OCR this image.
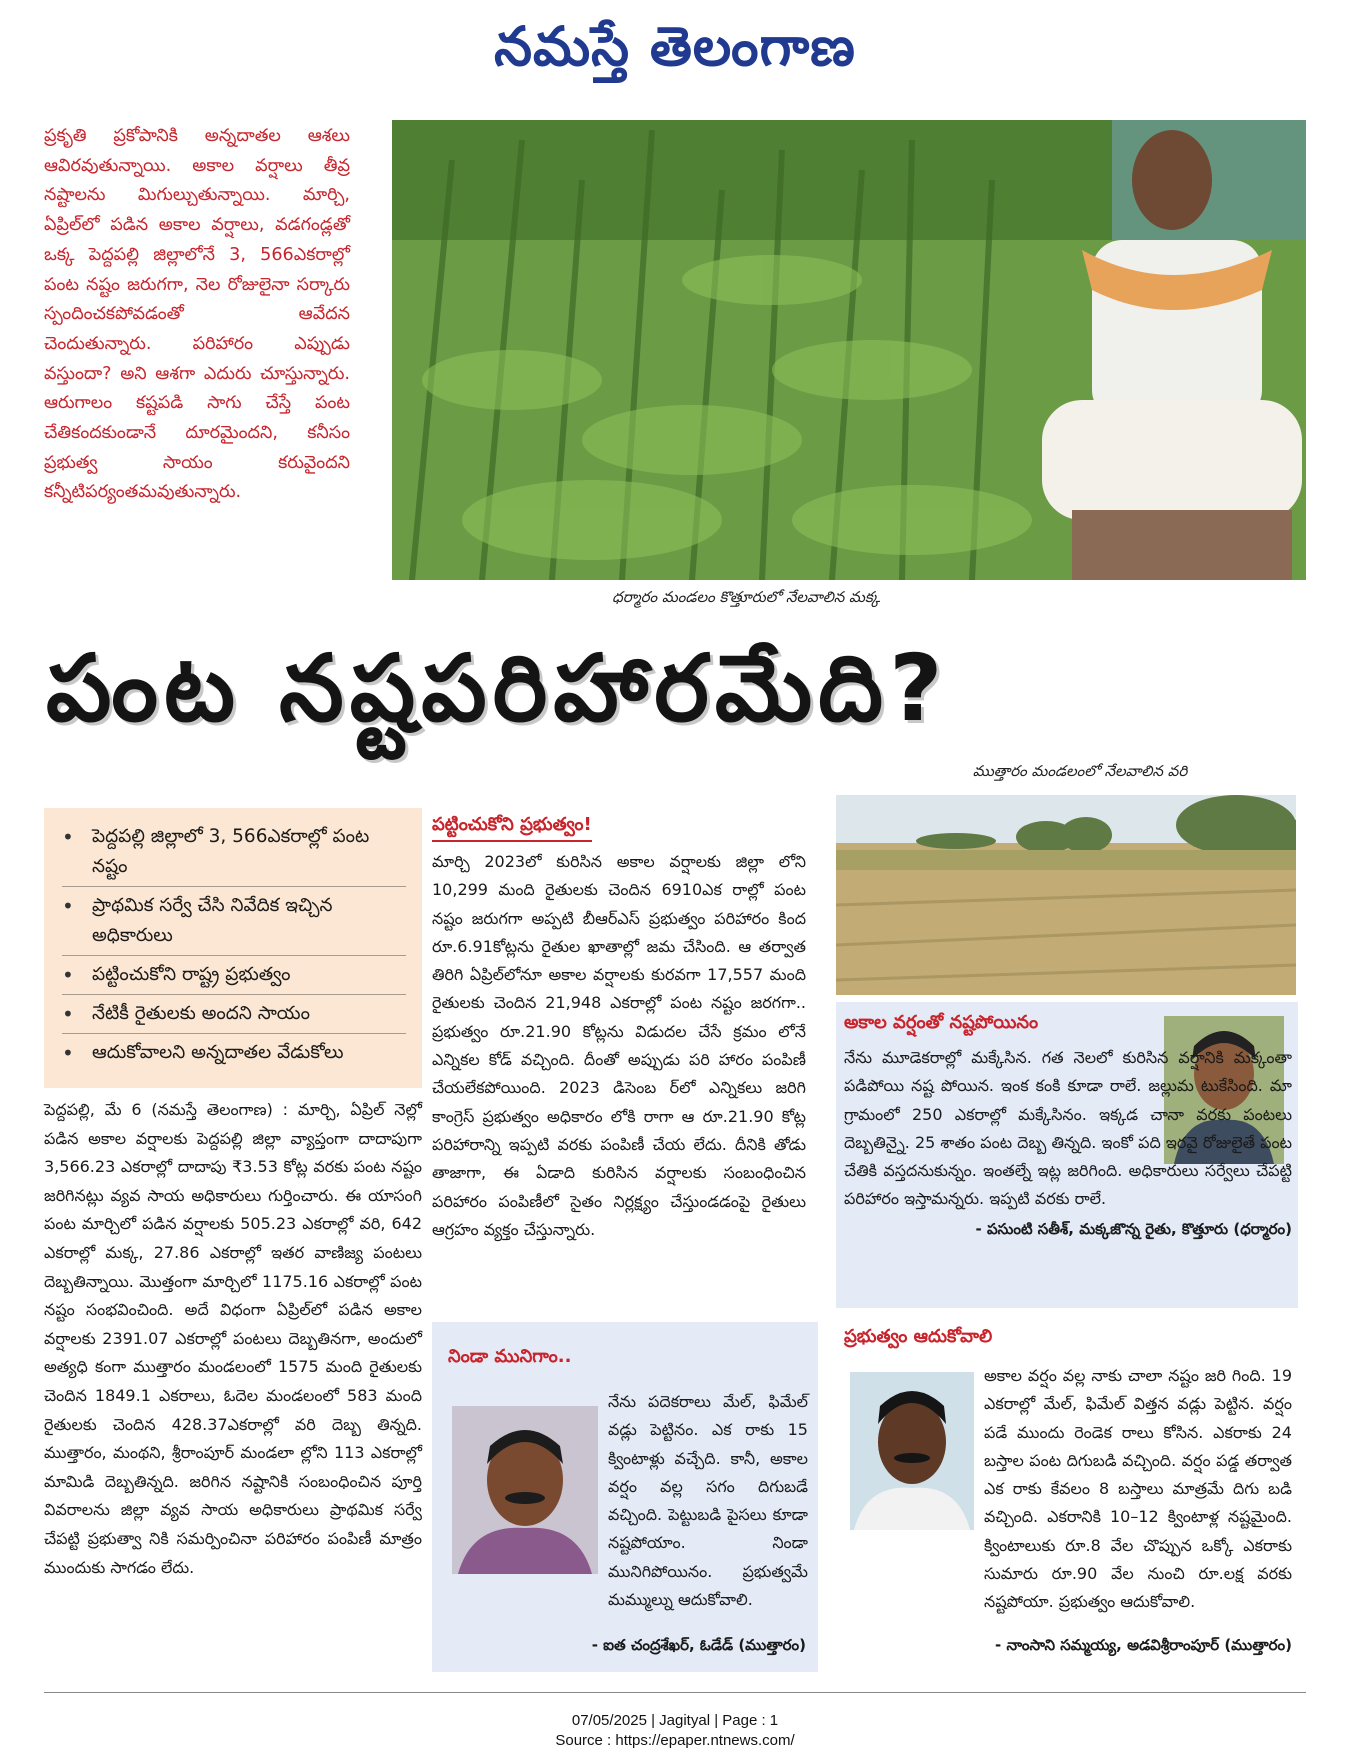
నమస్తే తెలంగాణ

ప్రకృతి ప్రకోపానికి అన్నదాతల ఆశలు ఆవిరవుతున్నాయి. అకాల వర్షాలు తీవ్ర నష్టాలను మిగుల్చుతున్నాయి. మార్చి, ఏప్రిల్‌లో పడిన అకాల వర్షాలు, వడగండ్లతో ఒక్క పెద్దపల్లి జిల్లాలోనే 3, 566ఎకరాల్లో పంట నష్టం జరుగగా, నెల రోజులైనా సర్కారు స్పందించకపోవడంతో ఆవేదన చెందుతున్నారు. పరిహారం ఎప్పుడు వస్తుందా? అని ఆశగా ఎదురు చూస్తున్నారు. ఆరుగాలం కష్టపడి సాగు చేస్తే పంట చేతికందకుండానే దూరమైందని, కనీసం ప్రభుత్వ సాయం కరువైందని కన్నీటిపర్యంతమవుతున్నారు.

ధర్మారం మండలం కొత్తూరులో నేలవాలిన మక్క
పంట నష్టపరిహారమేది?
ముత్తారం మండలంలో నేలవాలిన వరి
• పెద్దపల్లి జిల్లాలో 3, 566ఎకరాల్లో పంట నష్టం
• ప్రాథమిక సర్వే చేసి నివేదిక ఇచ్చిన అధికారులు
• పట్టించుకోని రాష్ట్ర ప్రభుత్వం
• నేటికీ రైతులకు అందని సాయం
• ఆదుకోవాలని అన్నదాతల వేడుకోలు
పెద్దపల్లి, మే 6 (నమస్తే తెలంగాణ) : మార్చి, ఏప్రిల్ నెల్లో పడిన అకాల వర్షాలకు పెద్దపల్లి జిల్లా వ్యాప్తంగా దాదాపుగా 3,566.23 ఎకరాల్లో దాదాపు ₹3.53 కోట్ల వరకు పంట నష్టం జరిగినట్లు వ్యవ సాయ అధికారులు గుర్తించారు. ఈ యాసంగి పంట మార్చిలో పడిన వర్షాలకు 505.23 ఎకరాల్లో వరి, 642 ఎకరాల్లో మక్క, 27.86 ఎకరాల్లో ఇతర వాణిజ్య పంటలు దెబ్బతిన్నాయి. మొత్తంగా మార్చిలో 1175.16 ఎకరాల్లో పంట నష్టం సంభవించింది. అదే విధంగా ఏప్రిల్‌లో పడిన అకాల వర్షాలకు 2391.07 ఎకరాల్లో పంటలు దెబ్బతినగా, అందులో అత్యధి కంగా ముత్తారం మండలంలో 1575 మంది రైతులకు చెందిన 1849.1 ఎకరాలు, ఓదెల మండలంలో 583 మంది రైతులకు చెందిన 428.37ఎకరాల్లో వరి దెబ్బ తిన్నది. ముత్తారం, మంథని, శ్రీరాంపూర్ మండలా ల్లోని 113 ఎకరాల్లో మామిడి దెబ్బతిన్నది. జరిగిన నష్టానికి సంబంధించిన పూర్తి వివరాలను జిల్లా వ్యవ సాయ అధికారులు ప్రాథమిక సర్వే చేపట్టి ప్రభుత్వా నికి సమర్పించినా పరిహారం పంపిణీ మాత్రం ముందుకు సాగడం లేదు.
పట్టించుకోని ప్రభుత్వం!
మార్చి 2023లో కురిసిన అకాల వర్షాలకు జిల్లా లోని 10,299 మంది రైతులకు చెందిన 6910ఎక రాల్లో పంట నష్టం జరుగగా అప్పటి బీఆర్‌ఎస్ ప్రభుత్వం పరిహారం కింద రూ.6.91కోట్లను రైతుల ఖాతాల్లో జమ చేసింది. ఆ తర్వాత తిరిగి ఏప్రిల్‌లోనూ అకాల వర్షాలకు కురవగా 17,557 మంది రైతులకు చెందిన 21,948 ఎకరాల్లో పంట నష్టం జరగగా.. ప్రభుత్వం రూ.21.90 కోట్లను విడుదల చేసే క్రమం లోనే ఎన్నికల కోడ్ వచ్చింది. దీంతో అప్పుడు పరి హారం పంపిణీ చేయలేకపోయింది. 2023 డిసెంబ ర్‌లో ఎన్నికలు జరిగి కాంగ్రెస్ ప్రభుత్వం అధికారం లోకి రాగా ఆ రూ.21.90 కోట్ల పరిహారాన్ని ఇప్పటి వరకు పంపిణీ చేయ లేదు. దీనికి తోడు తాజాగా, ఈ ఏడాది కురిసిన వర్షాలకు సంబంధించిన పరిహారం పంపిణీలో సైతం నిర్లక్ష్యం చేస్తుండడంపై రైతులు ఆగ్రహం వ్యక్తం చేస్తున్నారు.
అకాల వర్షంతో నష్టపోయినం
నేను మూడెకరాల్లో మక్కేసిన. గత నెలలో కురిసిన వర్షానికి మక్కంతా పడిపోయి నష్ట పోయిన. ఇంక కంకి కూడా రాలే. జల్లుమ టుకేసింది. మా గ్రామంలో 250 ఎకరాల్లో మక్కేసినం. ఇక్కడ చానా వరకు పంటలు దెబ్బతిన్నై. 25 శాతం పంట దెబ్బ తిన్నది. ఇంకో పది ఇరవై రోజులైతే పంట చేతికి వస్తదనుకున్నం. ఇంతల్నే ఇట్ల జరిగింది. అధికారులు సర్వేలు చేపట్టి పరిహారం ఇస్తామన్నరు. ఇప్పటి వరకు రాలే.
- పసుంటి సతీశ్, మక్కజొన్న రైతు, కొత్తూరు (ధర్మారం)
నిండా మునిగాం..
నేను పదెకరాలు మేల్, ఫిమేల్ వడ్లు పెట్టినం. ఎక రాకు 15 క్వింటాళ్లు వచ్చేది. కానీ, అకాల వర్షం వల్ల సగం దిగుబడే వచ్చింది. పెట్టుబడి పైసలు కూడా నష్టపోయాం. నిండా మునిగిపోయినం. ప్రభుత్వమే మమ్ముల్ను ఆదుకోవాలి.
- ఐత చంద్రశేఖర్, ఓడేడ్ (ముత్తారం)
ప్రభుత్వం ఆదుకోవాలి
అకాల వర్షం వల్ల నాకు చాలా నష్టం జరి గింది. 19 ఎకరాల్లో మేల్, ఫిమేల్ విత్తన వడ్లు పెట్టిన. వర్షం పడే ముందు రెండెక రాలు కోసిన. ఎకరాకు 24 బస్తాల పంట దిగుబడి వచ్చింది. వర్షం పడ్డ తర్వాత ఎక రాకు కేవలం 8 బస్తాలు మాత్రమే దిగు బడి వచ్చింది. ఎకరానికి 10–12 క్వింటాళ్ల నష్టమైంది. క్వింటాలుకు రూ.8 వేల చొప్పున ఒక్కో ఎకరాకు సుమారు రూ.90 వేల నుంచి రూ.లక్ష వరకు నష్టపోయా. ప్రభుత్వం ఆదుకోవాలి.
- నాంసాని సమ్మయ్య, అడవిశ్రీరాంపూర్ (ముత్తారం)
07/05/2025 | Jagityal | Page : 1
Source : https://epaper.ntnews.com/
